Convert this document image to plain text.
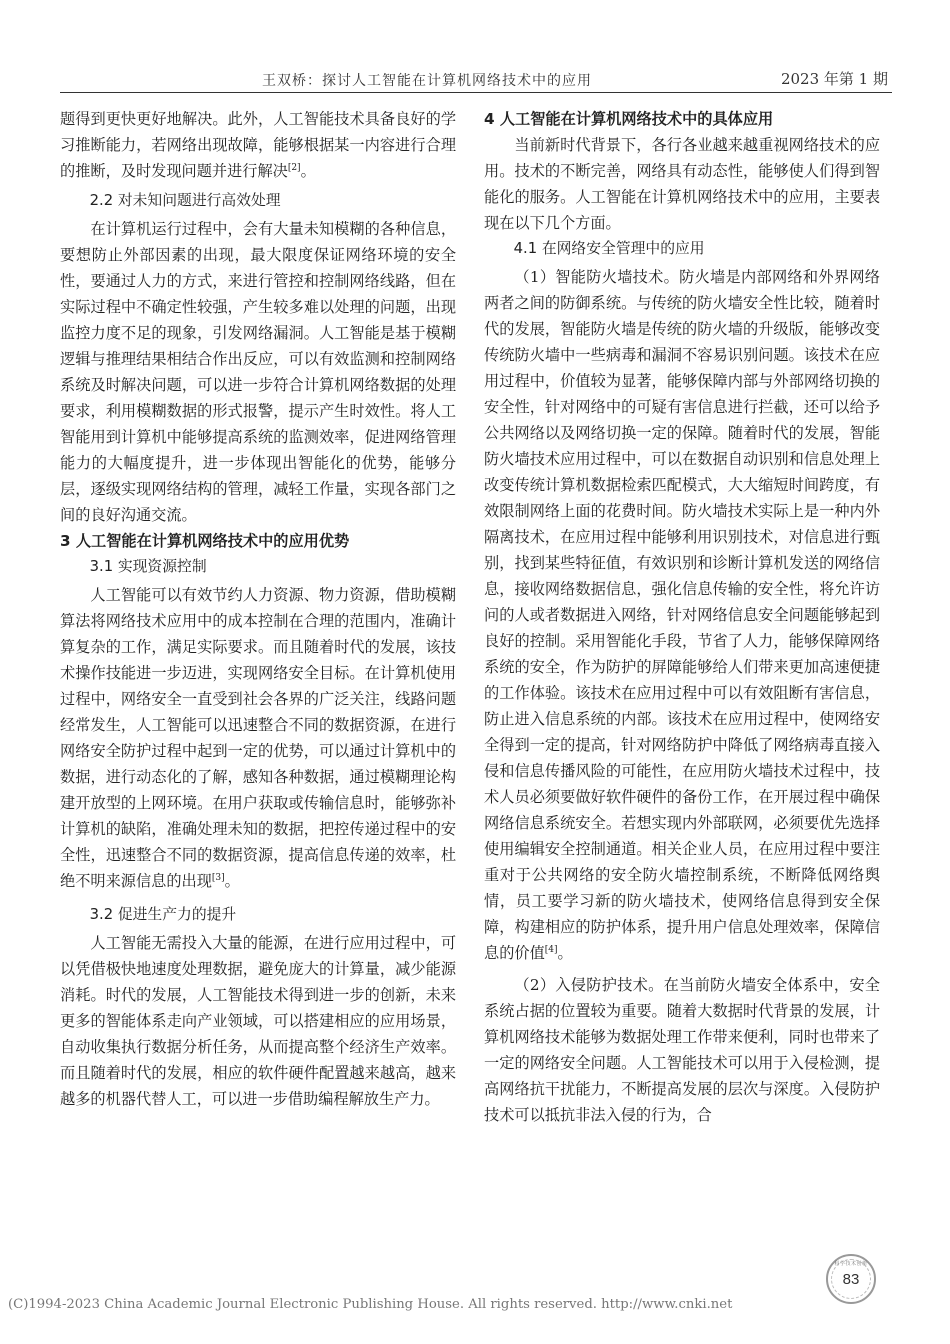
王双桥：探讨人工智能在计算机网络技术中的应用	2023 年第 1 期

题得到更快更好地解决。此外，人工智能技术具备良好的学习推断能力，若网络出现故障，能够根据某一内容进行合理的推断，及时发现问题并进行解决[2]。

2.2 对未知问题进行高效处理

在计算机运行过程中，会有大量未知模糊的各种信息，要想防止外部因素的出现，最大限度保证网络环境的安全性，要通过人力的方式，来进行管控和控制网络线路，但在实际过程中不确定性较强，产生较多难以处理的问题，出现监控力度不足的现象，引发网络漏洞。人工智能是基于模糊逻辑与推理结果相结合作出反应，可以有效监测和控制网络系统及时解决问题，可以进一步符合计算机网络数据的处理要求，利用模糊数据的形式报警，提示产生时效性。将人工智能用到计算机中能够提高系统的监测效率，促进网络管理能力的大幅度提升，进一步体现出智能化的优势，能够分层，逐级实现网络结构的管理，减轻工作量，实现各部门之间的良好沟通交流。

3 人工智能在计算机网络技术中的应用优势
3.1 实现资源控制

人工智能可以有效节约人力资源、物力资源，借助模糊算法将网络技术应用中的成本控制在合理的范围内，准确计算复杂的工作，满足实际要求。而且随着时代的发展，该技术操作技能进一步迈进，实现网络安全目标。在计算机使用过程中，网络安全一直受到社会各界的广泛关注，线路问题经常发生，人工智能可以迅速整合不同的数据资源，在进行网络安全防护过程中起到一定的优势，可以通过计算机中的数据，进行动态化的了解，感知各种数据，通过模糊理论构建开放型的上网环境。在用户获取或传输信息时，能够弥补计算机的缺陷，准确处理未知的数据，把控传递过程中的安全性，迅速整合不同的数据资源，提高信息传递的效率，杜绝不明来源信息的出现[3]。

3.2 促进生产力的提升

人工智能无需投入大量的能源，在进行应用过程中，可以凭借极快地速度处理数据，避免庞大的计算量，减少能源消耗。时代的发展，人工智能技术得到进一步的创新，未来更多的智能体系走向产业领域，可以搭建相应的应用场景，自动收集执行数据分析任务，从而提高整个经济生产效率。而且随着时代的发展，相应的软件硬件配置越来越高，越来越多的机器代替人工，可以进一步借助编程解放生产力。

4 人工智能在计算机网络技术中的具体应用

当前新时代背景下，各行各业越来越重视网络技术的应用。技术的不断完善，网络具有动态性，能够使人们得到智能化的服务。人工智能在计算机网络技术中的应用，主要表现在以下几个方面。

4.1 在网络安全管理中的应用

（1）智能防火墙技术。防火墙是内部网络和外界网络两者之间的防御系统。与传统的防火墙安全性比较，随着时代的发展，智能防火墙是传统的防火墙的升级版，能够改变传统防火墙中一些病毒和漏洞不容易识别问题。该技术在应用过程中，价值较为显著，能够保障内部与外部网络切换的安全性，针对网络中的可疑有害信息进行拦截，还可以给予公共网络以及网络切换一定的保障。随着时代的发展，智能防火墙技术应用过程中，可以在数据自动识别和信息处理上改变传统计算机数据检索匹配模式，大大缩短时间跨度，有效限制网络上面的花费时间。防火墙技术实际上是一种内外隔离技术，在应用过程中能够利用识别技术，对信息进行甄别，找到某些特征值，有效识别和诊断计算机发送的网络信息，接收网络数据信息，强化信息传输的安全性，将允许访问的人或者数据进入网络，针对网络信息安全问题能够起到良好的控制。采用智能化手段，节省了人力，能够保障网络系统的安全，作为防护的屏障能够给人们带来更加高速便捷的工作体验。该技术在应用过程中可以有效阻断有害信息，防止进入信息系统的内部。该技术在应用过程中，使网络安全得到一定的提高，针对网络防护中降低了网络病毒直接入侵和信息传播风险的可能性，在应用防火墙技术过程中，技术人员必须要做好软件硬件的备份工作，在开展过程中确保网络信息系统安全。若想实现内外部联网，必须要优先选择使用编辑安全控制通道。相关企业人员，在应用过程中要注重对于公共网络的安全防火墙控制系统，不断降低网络舆情，员工要学习新的防火墙技术，使网络信息得到安全保障，构建相应的防护体系，提升用户信息处理效率，保障信息的价值[4]。

（2）入侵防护技术。在当前防火墙安全体系中，安全系统占据的位置较为重要。随着大数据时代背景的发展，计算机网络技术能够为数据处理工作带来便利，同时也带来了一定的网络安全问题。人工智能技术可以用于入侵检测，提高网络抗干扰能力，不断提高发展的层次与深度。入侵防护技术可以抵抗非法入侵的行为，合

科学技术创新
83
(C)1994-2023 China Academic Journal Electronic Publishing House. All rights reserved. http://www.cnki.net
